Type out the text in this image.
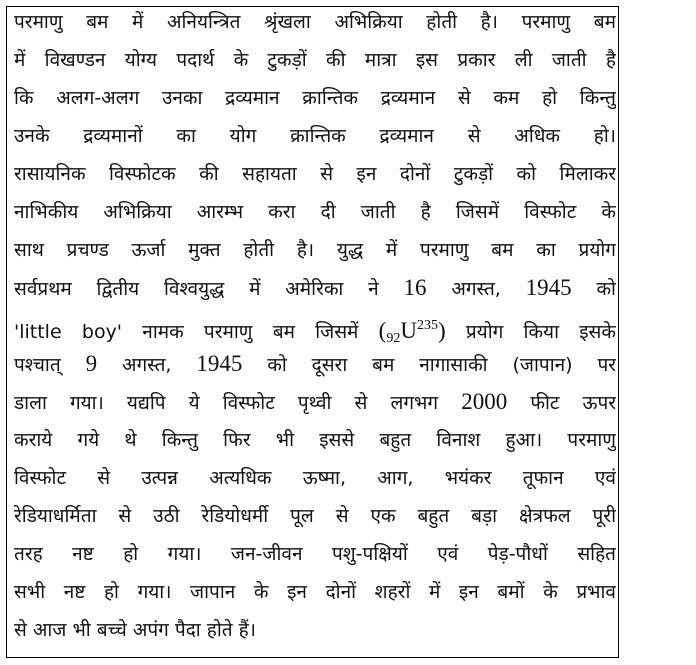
परमाणु बम में अनियन्त्रित श्रृंखला अभिक्रिया होती है। परमाणु बम
में विखण्डन योग्य पदार्थ के टुकड़ों की मात्रा इस प्रकार ली जाती है
कि अलग-अलग उनका द्रव्यमान क्रान्तिक द्रव्यमान से कम हो किन्तु
उनके द्रव्यमानों का योग क्रान्तिक द्रव्यमान से अधिक हो।
रासायनिक विस्फोटक की सहायता से इन दोनों टुकड़ों को मिलाकर
नाभिकीय अभिक्रिया आरम्भ करा दी जाती है जिसमें विस्फोट के
साथ प्रचण्ड ऊर्जा मुक्त होती है। युद्ध में परमाणु बम का प्रयोग
सर्वप्रथम द्वितीय विश्वयुद्ध में अमेरिका ने 16 अगस्त, 1945 को
'little boy' नामक परमाणु बम जिसमें $(_{92}U^{235})$ प्रयोग किया इसके
पश्चात् 9 अगस्त, 1945 को दूसरा बम नागासाकी (जापान) पर
डाला गया। यद्यपि ये विस्फोट पृथ्वी से लगभग 2000 फीट ऊपर
कराये गये थे किन्तु फिर भी इससे बहुत विनाश हुआ। परमाणु
विस्फोट से उत्पन्न अत्यधिक ऊष्मा, आग, भयंकर तूफान एवं
रेडियाधर्मिता से उठी रेडियोधर्मी पूल से एक बहुत बड़ा क्षेत्रफल पूरी
तरह नष्ट हो गया। जन-जीवन पशु-पक्षियों एवं पेड़-पौधों सहित
सभी नष्ट हो गया। जापान के इन दोनों शहरों में इन बमों के प्रभाव
से आज भी बच्चे अपंग पैदा होते हैं।
